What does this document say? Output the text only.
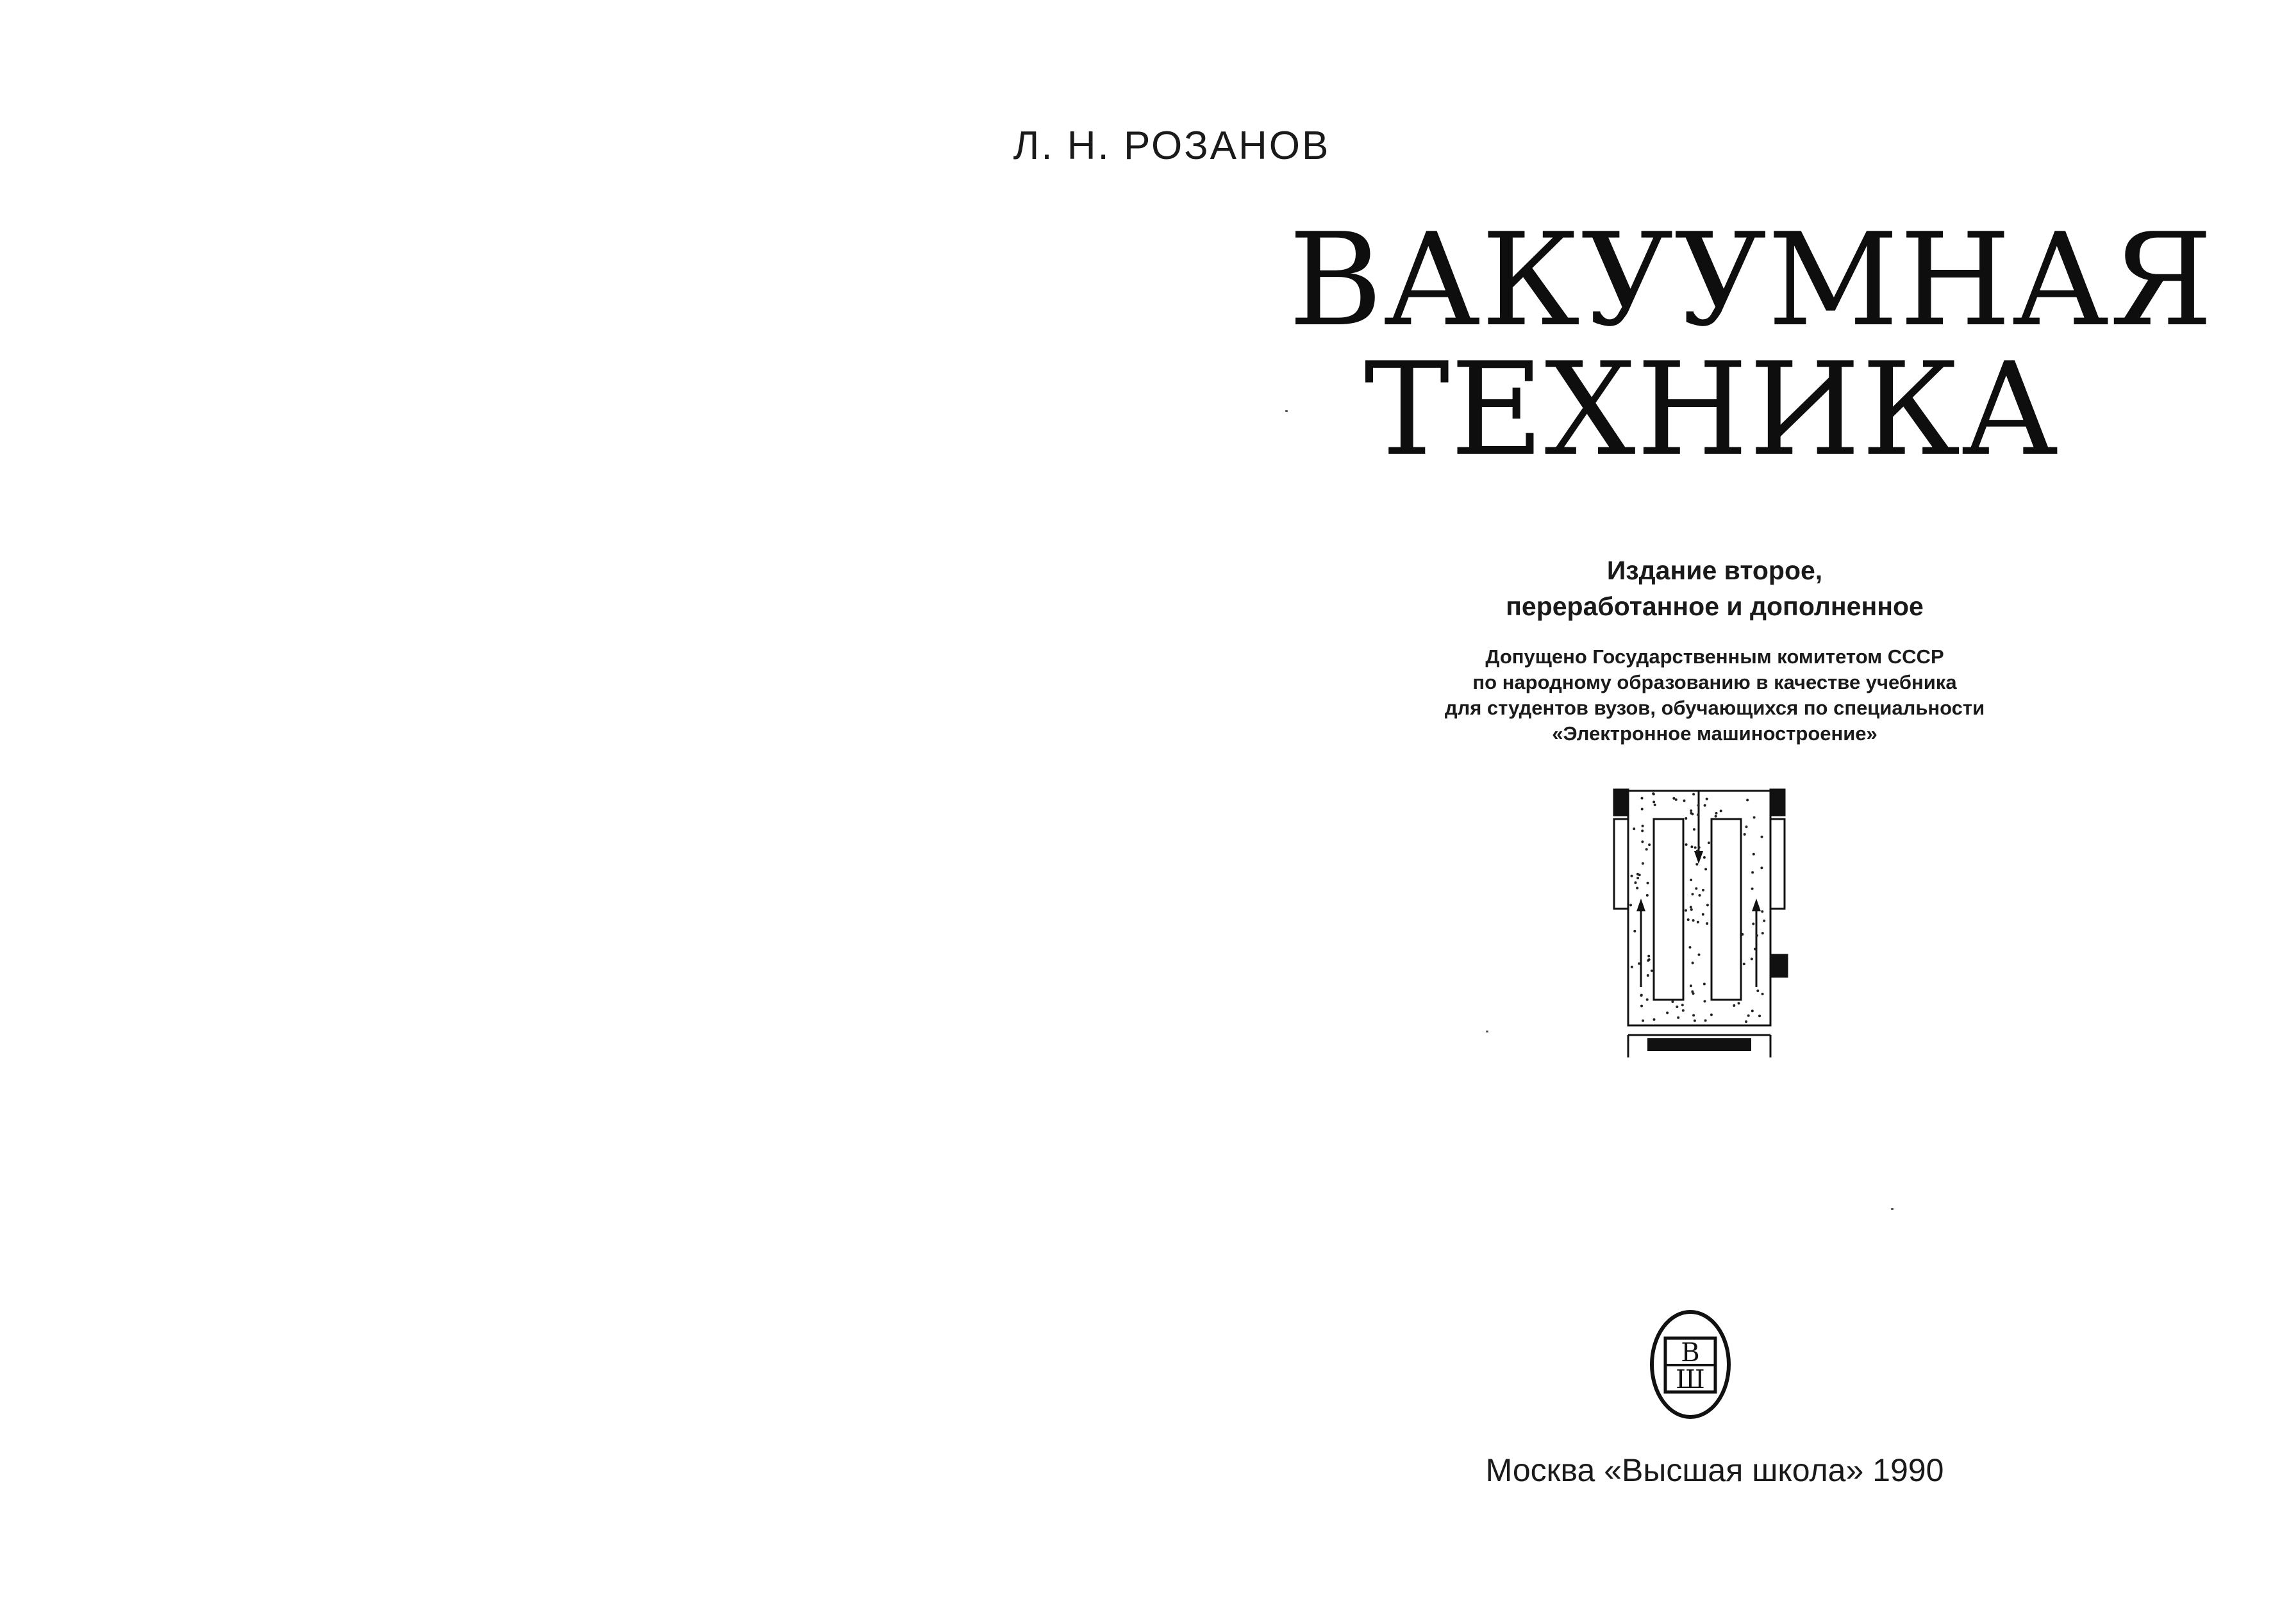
Л. Н. РОЗАНОВ
ВАКУУМНАЯ
ТЕХНИКА
Издание второе,
переработанное и дополненное
Допущено Государственным комитетом СССР
по народному образованию в качестве учебника
для студентов вузов, обучающихся по специальности
«Электронное машиностроение»
В
Ш
Москва «Высшая школа» 1990
